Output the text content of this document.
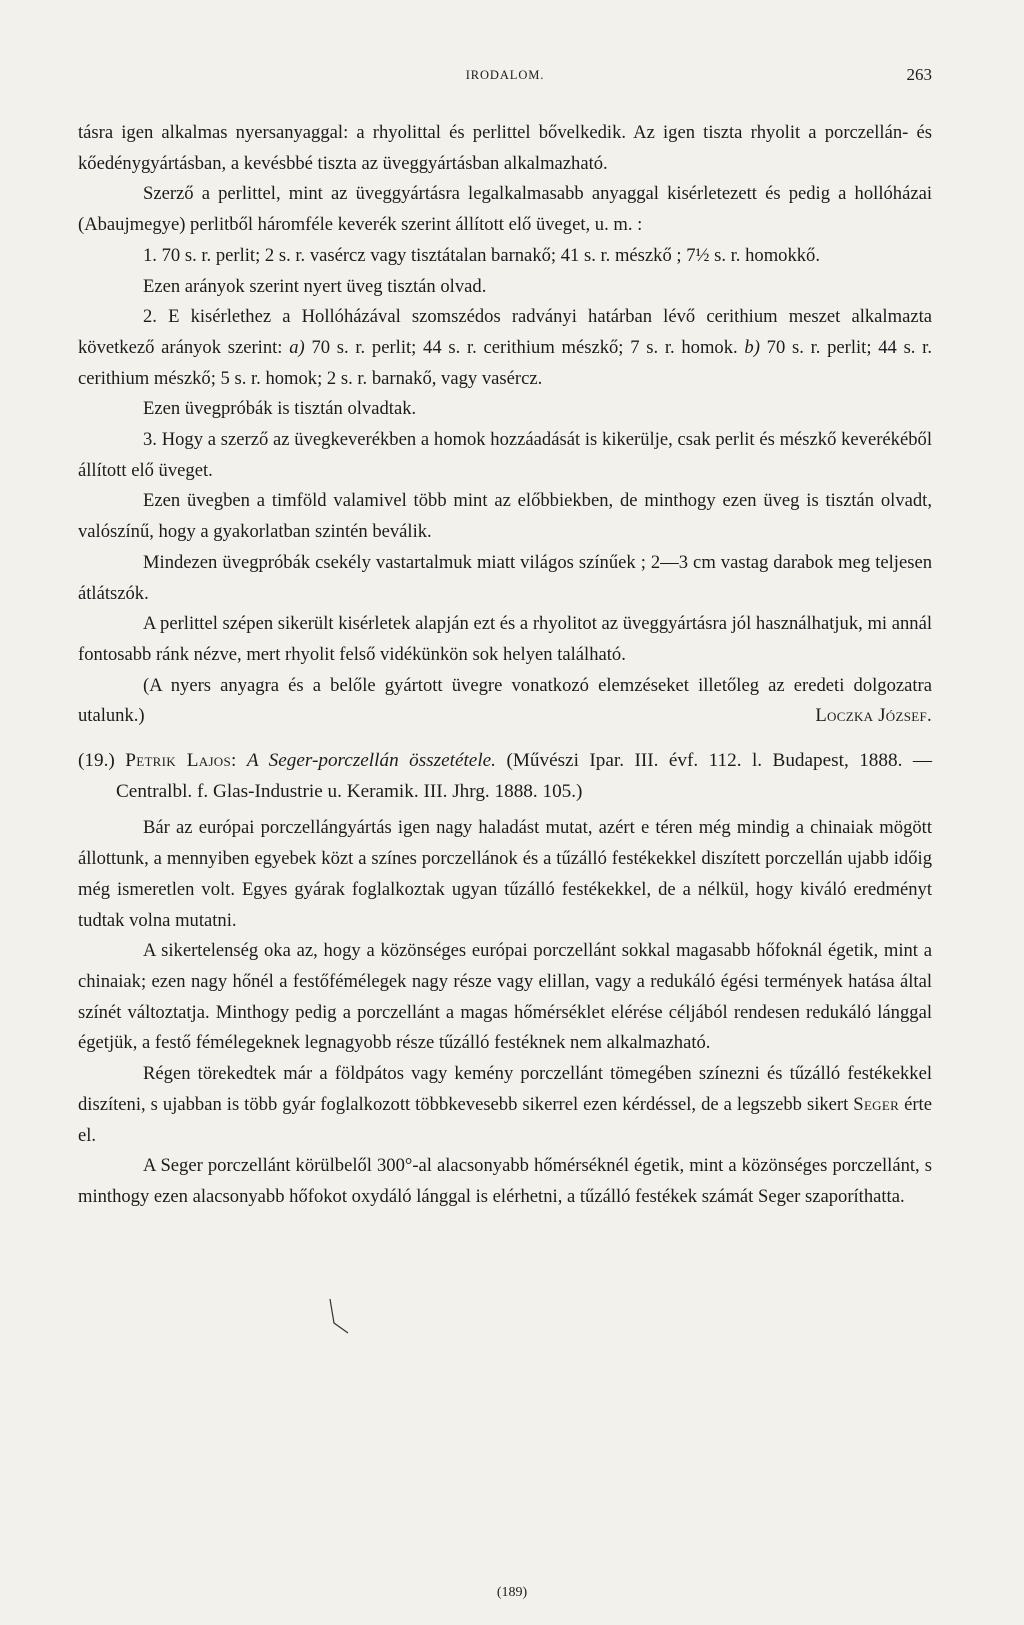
IRODALOM.	263

tásra igen alkalmas nyersanyaggal: a rhyolittal és perlittel bővelkedik. Az igen tiszta rhyolit a porczellán- és kőedénygyártásban, a kevésbbé tiszta az üveggyártásban alkalmazható.

Szerző a perlittel, mint az üveggyártásra legalkalmasabb anyaggal kisérletezett és pedig a hollóházai (Abaujmegye) perlitből háromféle keverék szerint állított elő üveget, u. m. :

1. 70 s. r. perlit; 2 s. r. vasércz vagy tisztátalan barnakő; 41 s. r. mészkő ; 7½ s. r. homokkő.

Ezen arányok szerint nyert üveg tisztán olvad.

2. E kisérlethez a Hollóházával szomszédos radványi határban lévő cerithium meszet alkalmazta következő arányok szerint: a) 70 s. r. perlit; 44 s. r. cerithium mészkő; 7 s. r. homok. b) 70 s. r. perlit; 44 s. r. cerithium mészkő; 5 s. r. homok; 2 s. r. barnakő, vagy vasércz.

Ezen üvegpróbák is tisztán olvadtak.

3. Hogy a szerző az üvegkeverékben a homok hozzáadását is kikerülje, csak perlit és mészkő keverékéből állított elő üveget.

Ezen üvegben a timföld valamivel több mint az előbbiekben, de minthogy ezen üveg is tisztán olvadt, valószínű, hogy a gyakorlatban szintén beválik.

Mindezen üvegpróbák csekély vastartalmuk miatt világos színűek ; 2—3 cm vastag darabok meg teljesen átlátszók.

A perlittel szépen sikerült kisérletek alapján ezt és a rhyolitot az üveggyártásra jól használhatjuk, mi annál fontosabb ránk nézve, mert rhyolit felső vidékünkön sok helyen található.

(A nyers anyagra és a belőle gyártott üvegre vonatkozó elemzéseket illetőleg az eredeti dolgozatra utalunk.)	Loczka József.

(19.) Petrik Lajos: A Seger-porczellán összetétele. (Művészi Ipar. III. évf. 112. l. Budapest, 1888. — Centralbl. f. Glas-Industrie u. Keramik. III. Jhrg. 1888. 105.)

Bár az európai porczellángyártás igen nagy haladást mutat, azért e téren még mindig a chinaiak mögött állottunk, a mennyiben egyebek közt a színes porczellánok és a tűzálló festékekkel diszített porczellán ujabb időig még ismeretlen volt. Egyes gyárak foglalkoztak ugyan tűzálló festékekkel, de a nélkül, hogy kiváló eredményt tudtak volna mutatni.

A sikertelenség oka az, hogy a közönséges európai porczellánt sokkal magasabb hőfoknál égetik, mint a chinaiak; ezen nagy hőnél a festőfémélegek nagy része vagy elillan, vagy a redukáló égési termények hatása által színét változtatja. Minthogy pedig a porczellánt a magas hőmérséklet elérése céljából rendesen redukáló lánggal égetjük, a festő fémélegeknek legnagyobb része tűzálló festéknek nem alkalmazható.

Régen törekedtek már a földpátos vagy kemény porczellánt tömegében színezni és tűzálló festékekkel diszíteni, s ujabban is több gyár foglalkozott többkevesebb sikerrel ezen kérdéssel, de a legszebb sikert Seger érte el.

A Seger porczellánt körülbelől 300°-al alacsonyabb hőmérséknél égetik, mint a közönséges porczellánt, s minthogy ezen alacsonyabb hőfokot oxydáló lánggal is elérhetni, a tűzálló festékek számát Seger szaporíthatta.

(189)
